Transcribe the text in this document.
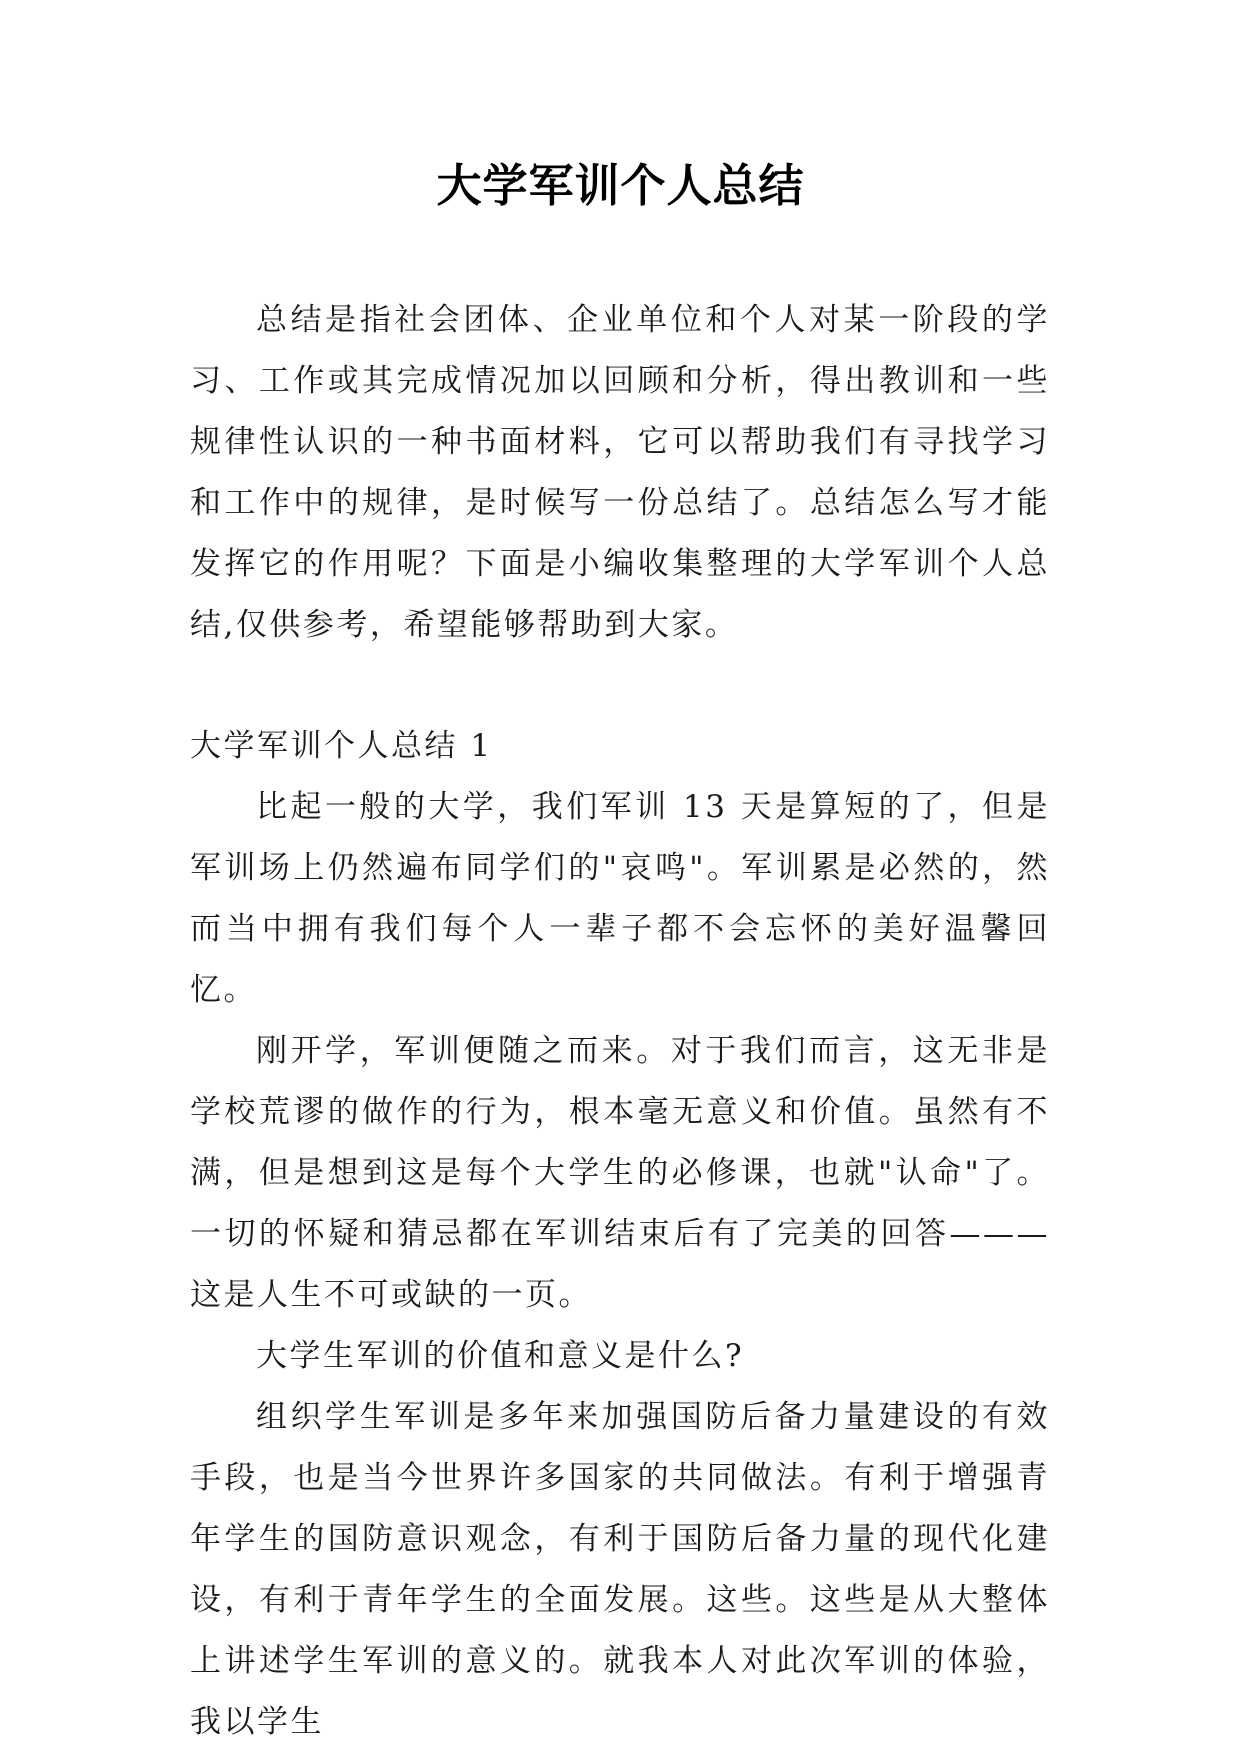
大学军训个人总结

总结是指社会团体、企业单位和个人对某一阶段的学习、工作或其完成情况加以回顾和分析，得出教训和一些规律性认识的一种书面材料，它可以帮助我们有寻找学习和工作中的规律，是时候写一份总结了。总结怎么写才能发挥它的作用呢？下面是小编收集整理的大学军训个人总结,仅供参考，希望能够帮助到大家。

大学军训个人总结 1

比起一般的大学，我们军训 13 天是算短的了，但是军训场上仍然遍布同学们的"哀鸣"。军训累是必然的，然而当中拥有我们每个人一辈子都不会忘怀的美好温馨回忆。

刚开学，军训便随之而来。对于我们而言，这无非是学校荒谬的做作的行为，根本毫无意义和价值。虽然有不满，但是想到这是每个大学生的必修课，也就"认命"了。一切的怀疑和猜忌都在军训结束后有了完美的回答———这是人生不可或缺的一页。

大学生军训的价值和意义是什么?

组织学生军训是多年来加强国防后备力量建设的有效手段，也是当今世界许多国家的共同做法。有利于增强青年学生的国防意识观念，有利于国防后备力量的现代化建设，有利于青年学生的全面发展。这些。这些是从大整体上讲述学生军训的意义的。就我本人对此次军训的体验，我以学生
